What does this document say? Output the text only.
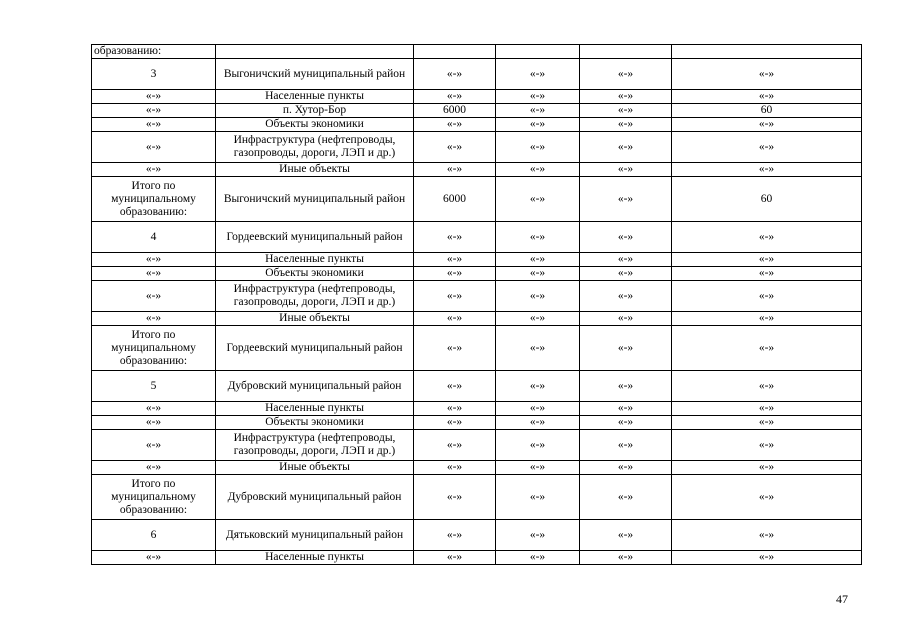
образованию:					
3	Выгоничский муниципальный район	«-»	«-»	«-»	«-»
«-»	Населенные пункты	«-»	«-»	«-»	«-»
«-»	п. Хутор-Бор	6000	«-»	«-»	60
«-»	Объекты экономики	«-»	«-»	«-»	«-»
«-»	Инфраструктура (нефтепроводы, газопроводы, дороги, ЛЭП и др.)	«-»	«-»	«-»	«-»
«-»	Иные объекты	«-»	«-»	«-»	«-»
Итого по муниципальному образованию:	Выгоничский муниципальный район	6000	«-»	«-»	60
4	Гордеевский муниципальный район	«-»	«-»	«-»	«-»
«-»	Населенные пункты	«-»	«-»	«-»	«-»
«-»	Объекты экономики	«-»	«-»	«-»	«-»
«-»	Инфраструктура (нефтепроводы, газопроводы, дороги, ЛЭП и др.)	«-»	«-»	«-»	«-»
«-»	Иные объекты	«-»	«-»	«-»	«-»
Итого по муниципальному образованию:	Гордеевский муниципальный район	«-»	«-»	«-»	«-»
5	Дубровский муниципальный район	«-»	«-»	«-»	«-»
«-»	Населенные пункты	«-»	«-»	«-»	«-»
«-»	Объекты экономики	«-»	«-»	«-»	«-»
«-»	Инфраструктура (нефтепроводы, газопроводы, дороги, ЛЭП и др.)	«-»	«-»	«-»	«-»
«-»	Иные объекты	«-»	«-»	«-»	«-»
Итого по муниципальному образованию:	Дубровский муниципальный район	«-»	«-»	«-»	«-»
6	Дятьковский муниципальный район	«-»	«-»	«-»	«-»
«-»	Населенные пункты	«-»	«-»	«-»	«-»
47
